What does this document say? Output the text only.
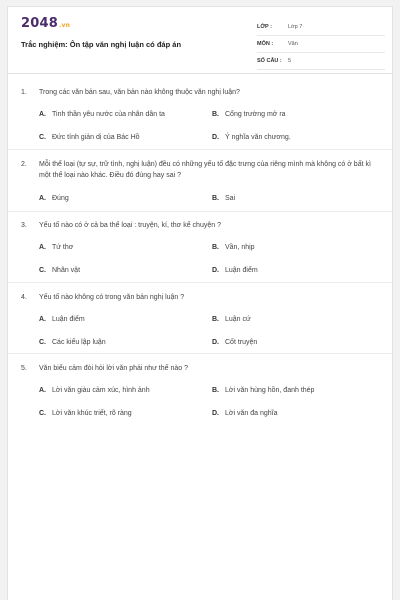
2048.vn
Trắc nghiệm: Ôn tập văn nghị luận có đáp án
LỚP :	Lớp 7
MÔN :	Văn
SỐ CÂU : 5
1. Trong các văn bản sau, văn bản nào không thuộc văn nghị luận?
A. Tinh thần yêu nước của nhân dân ta	B. Cổng trường mở ra
C. Đức tính giản dị của Bác Hồ	D. Ý nghĩa văn chương.
2. Mỗi thể loại (tự sự, trữ tình, nghị luận) đều có những yếu tố đặc trưng của riêng mình mà không có ở bất kì một thể loại nào khác. Điều đó đúng hay sai ?
A. Đúng	B. Sai
3. Yếu tố nào có ở cả ba thể loại : truyện, kí, thơ kể chuyện ?
A. Tứ thơ	B. Vần, nhịp
C. Nhân vật	D. Luận điểm
4. Yếu tố nào không có trong văn bản nghị luận ?
A. Luận điểm	B. Luận cứ
C. Các kiểu lập luận	D. Cốt truyện
5. Văn biểu cảm đòi hỏi lời văn phải như thế nào ?
A. Lời văn giàu cảm xúc, hình ảnh	B. Lời văn hùng hồn, đanh thép
C. Lời văn khúc triết, rõ ràng	D. Lời văn đa nghĩa
